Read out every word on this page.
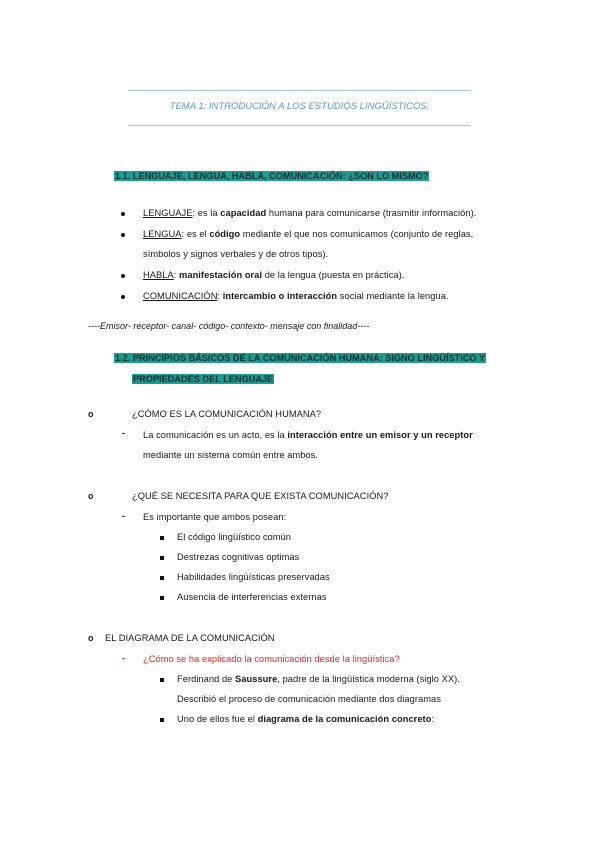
TEMA 1: INTRODUCIÓN A LOS ESTUDIOS LINGÜÍSTICOS.
1.1. LENGUAJE, LENGUA, HABLA, COMUNICACIÓN: ¿SON LO MISMO?
LENGUAJE: es la capacidad humana para comunicarse (trasmitir información).
LENGUA: es el código mediante el que nos comunicamos (conjunto de reglas,
símbolos y signos verbales y de otros tipos).
HABLA: manifestación oral de la lengua (puesta en práctica).
COMUNICACIÓN: intercambio o interacción social mediante la lengua.
----Emisor- receptor- canal- código- contexto- mensaje con finalidad----
1.2. PRINCIPIOS BÁSICOS DE LA COMUNICACIÓN HUMANA: SIGNO LINGÜÍSTICO Y
PROPIEDADES DEL LENGUAJE
o	¿CÓMO ES LA COMUNICACIÓN HUMANA?
- La comunicación es un acto, es la interacción entre un emisor y un receptor
mediante un sistema común entre ambos.
o	¿QUÉ SE NECESITA PARA QUE EXISTA COMUNICACIÓN?
- Es importante que ambos posean:
El código lingüístico común
Destrezas cognitivas optimas
Habilidades lingüísticas preservadas
Ausencia de interferencias externas
o EL DIAGRAMA DE LA COMUNICACIÓN
- ¿Cómo se ha explicado la comunicación desde la lingüística?
Ferdinand de Saussure, padre de la lingüística moderna (siglo XX).
Describió el proceso de comunicación mediante dos diagramas
Uno de ellos fue el diagrama de la comunicación concreto:
